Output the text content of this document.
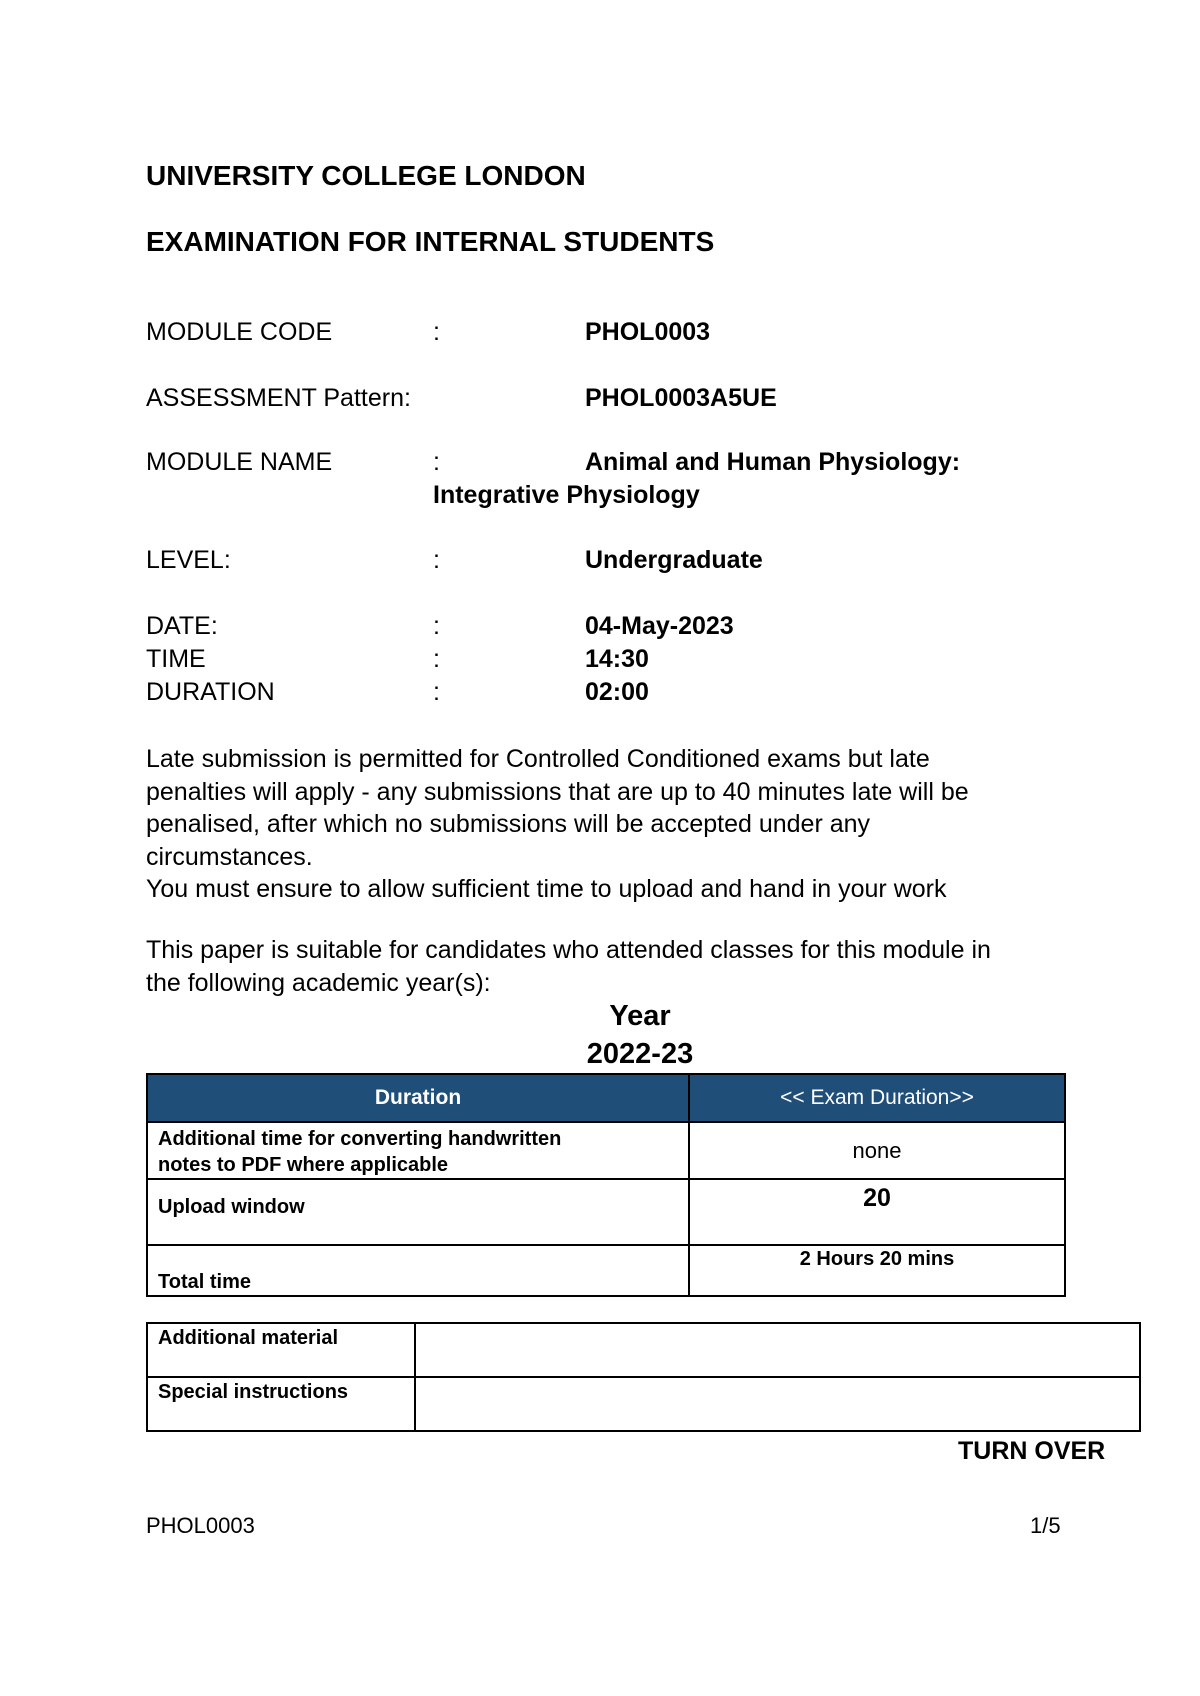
UNIVERSITY COLLEGE LONDON
EXAMINATION FOR INTERNAL STUDENTS
MODULE CODE	:	PHOL0003
ASSESSMENT Pattern:	PHOL0003A5UE
MODULE NAME	:	Animal and Human Physiology:
Integrative Physiology
LEVEL:	:	Undergraduate
DATE:	:	04-May-2023
TIME	:	14:30
DURATION	:	02:00
Late submission is permitted for Controlled Conditioned exams but late
penalties will apply - any submissions that are up to 40 minutes late will be
penalised, after which no submissions will be accepted under any
circumstances.
You must ensure to allow sufficient time to upload and hand in your work
This paper is suitable for candidates who attended classes for this module in
the following academic year(s):
Year
2022-23
Duration	<< Exam Duration>>

Additional time for converting handwritten
notes to PDF where applicable	none
Upload window	20
Total time	2 Hours 20 mins
Additional material	
Special instructions	
TURN OVER
PHOL0003	1/5
